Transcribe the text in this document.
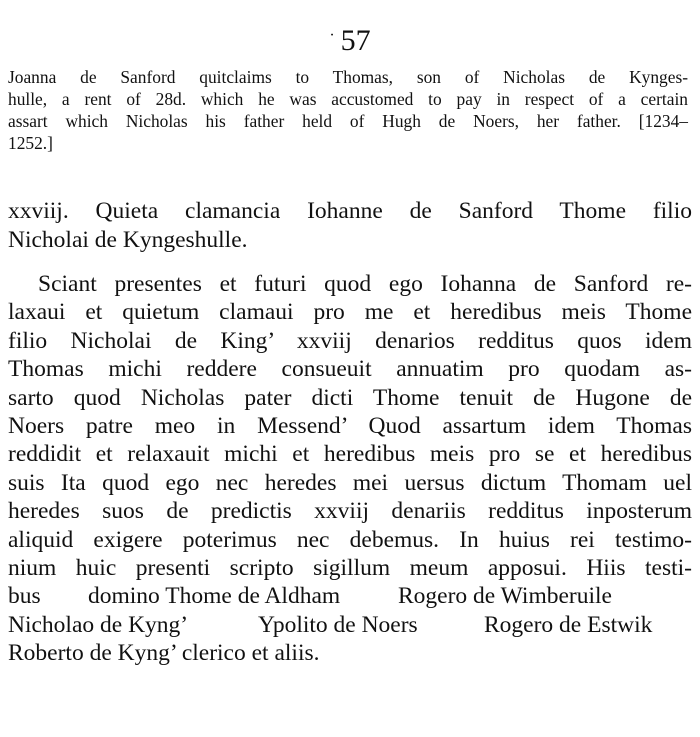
· 57
Joanna de Sanford quitclaims to Thomas, son of Nicholas de Kynges-
hulle, a rent of 28d. which he was accustomed to pay in respect of a certain
assart which Nicholas his father held of Hugh de Noers, her father. [1234–
1252.]
xxviij. Quieta clamancia Iohanne de Sanford Thome filio
Nicholai de Kyngeshulle.
Sciant presentes et futuri quod ego Iohanna de Sanford re-
laxaui et quietum clamaui pro me et heredibus meis Thome
filio Nicholai de King’ xxviij denarios redditus quos idem
Thomas michi reddere consueuit annuatim pro quodam as-
sarto quod Nicholas pater dicti Thome tenuit de Hugone de
Noers patre meo in Messend’ Quod assartum idem Thomas
reddidit et relaxauit michi et heredibus meis pro se et heredibus
suis Ita quod ego nec heredes mei uersus dictum Thomam uel
heredes suos de predictis xxviij denariis redditus inposterum
aliquid exigere poterimus nec debemus. In huius rei testimo-
nium huic presenti scripto sigillum meum apposui. Hiis testi-
bus domino Thome de Aldham Rogero de Wimberuile
Nicholao de Kyng’	Ypolito de Noers	Rogero de Estwik
Roberto de Kyng’ clerico et aliis.
